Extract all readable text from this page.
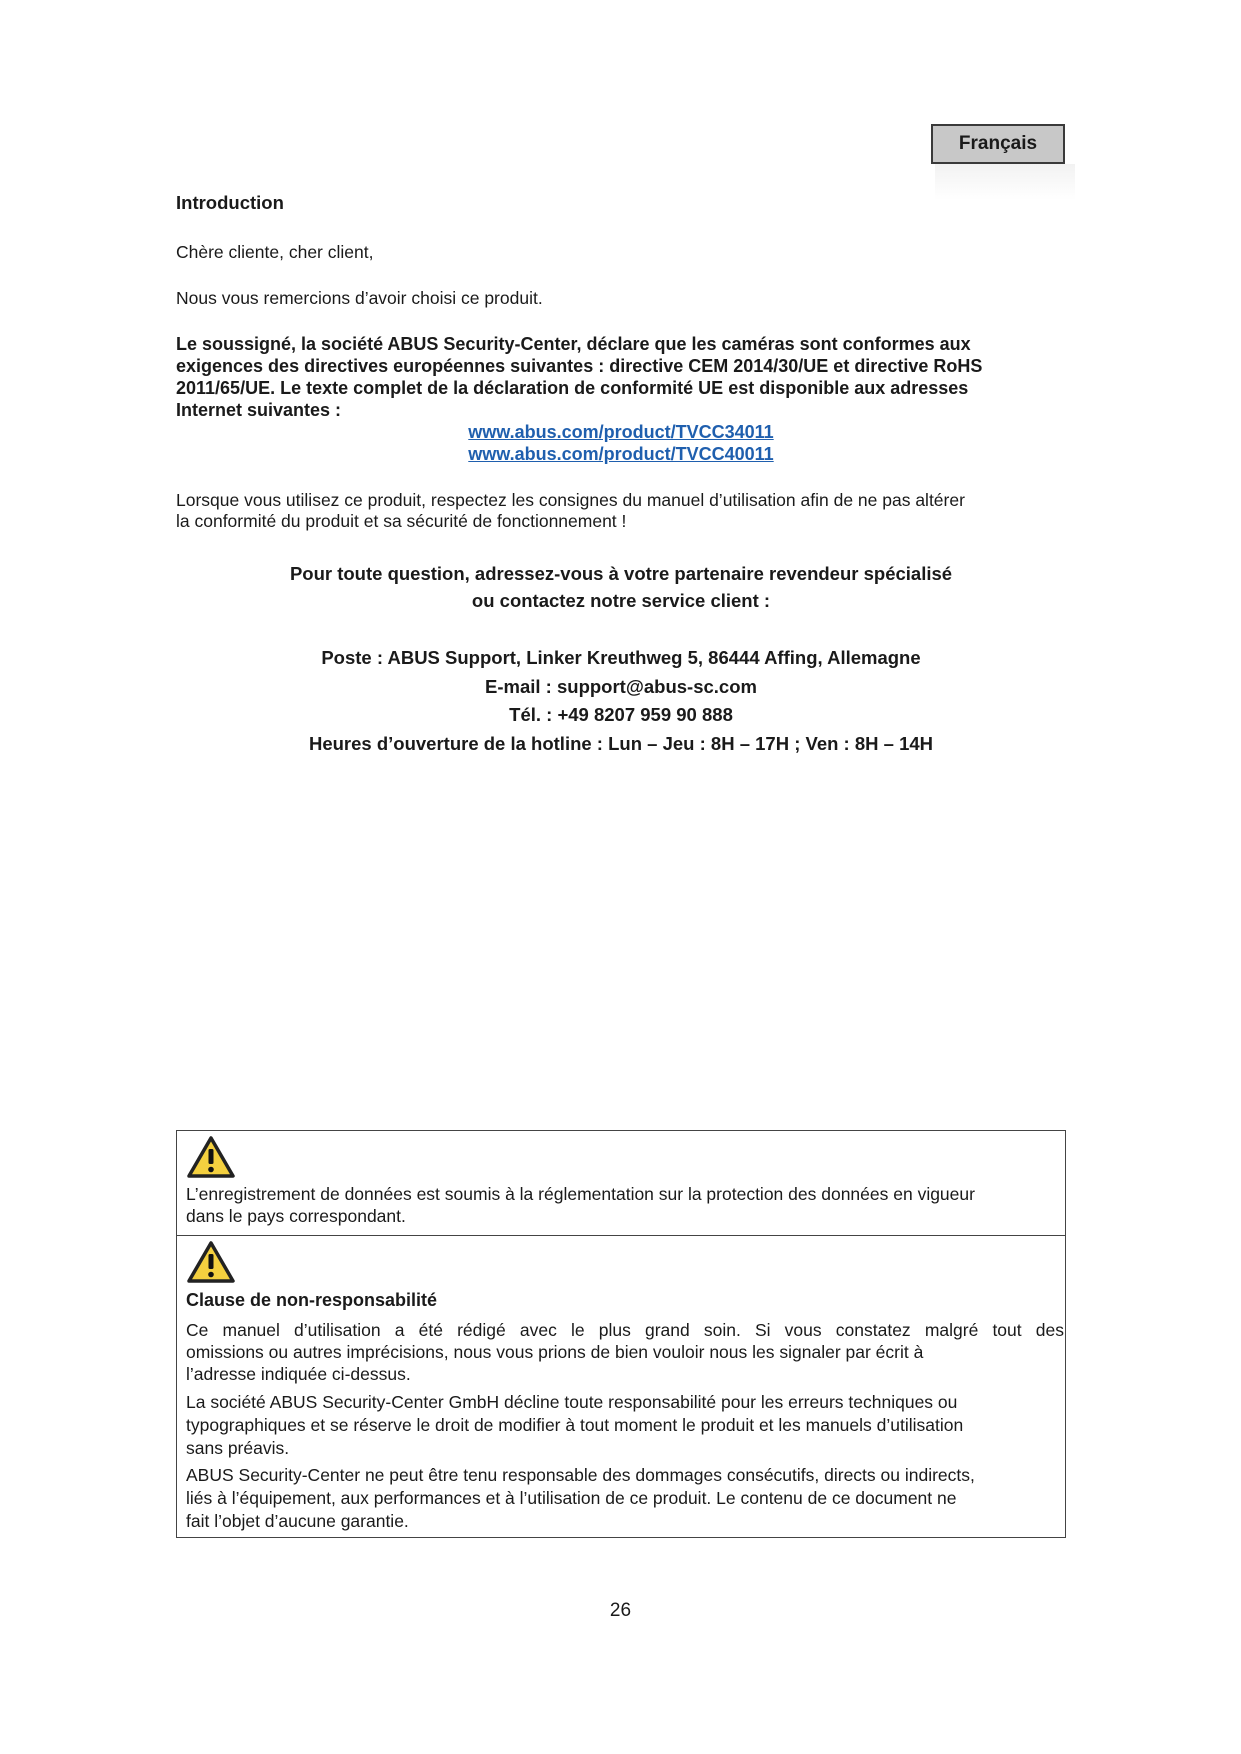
Français
Introduction
Chère cliente, cher client,
Nous vous remercions d’avoir choisi ce produit.
Le soussigné, la société ABUS Security-Center, déclare que les caméras sont conformes aux
exigences des directives européennes suivantes : directive CEM 2014/30/UE et directive RoHS
2011/65/UE. Le texte complet de la déclaration de conformité UE est disponible aux adresses
Internet suivantes :
www.abus.com/product/TVCC34011
www.abus.com/product/TVCC40011
Lorsque vous utilisez ce produit, respectez les consignes du manuel d’utilisation afin de ne pas altérer
la conformité du produit et sa sécurité de fonctionnement !
Pour toute question, adressez-vous à votre partenaire revendeur spécialisé
ou contactez notre service client :
Poste : ABUS Support, Linker Kreuthweg 5, 86444 Affing, Allemagne
E-mail : support@abus-sc.com
Tél. : +49 8207 959 90 888
Heures d’ouverture de la hotline : Lun – Jeu : 8H – 17H ; Ven : 8H – 14H
L’enregistrement de données est soumis à la réglementation sur la protection des données en vigueur
dans le pays correspondant.
Clause de non-responsabilité
Ce manuel d’utilisation a été rédigé avec le plus grand soin. Si vous constatez malgré tout des
omissions ou autres imprécisions, nous vous prions de bien vouloir nous les signaler par écrit à
l’adresse indiquée ci-dessus.
La société ABUS Security-Center GmbH décline toute responsabilité pour les erreurs techniques ou
typographiques et se réserve le droit de modifier à tout moment le produit et les manuels d’utilisation
sans préavis.
ABUS Security-Center ne peut être tenu responsable des dommages consécutifs, directs ou indirects,
liés à l’équipement, aux performances et à l’utilisation de ce produit. Le contenu de ce document ne
fait l’objet d’aucune garantie.
26
